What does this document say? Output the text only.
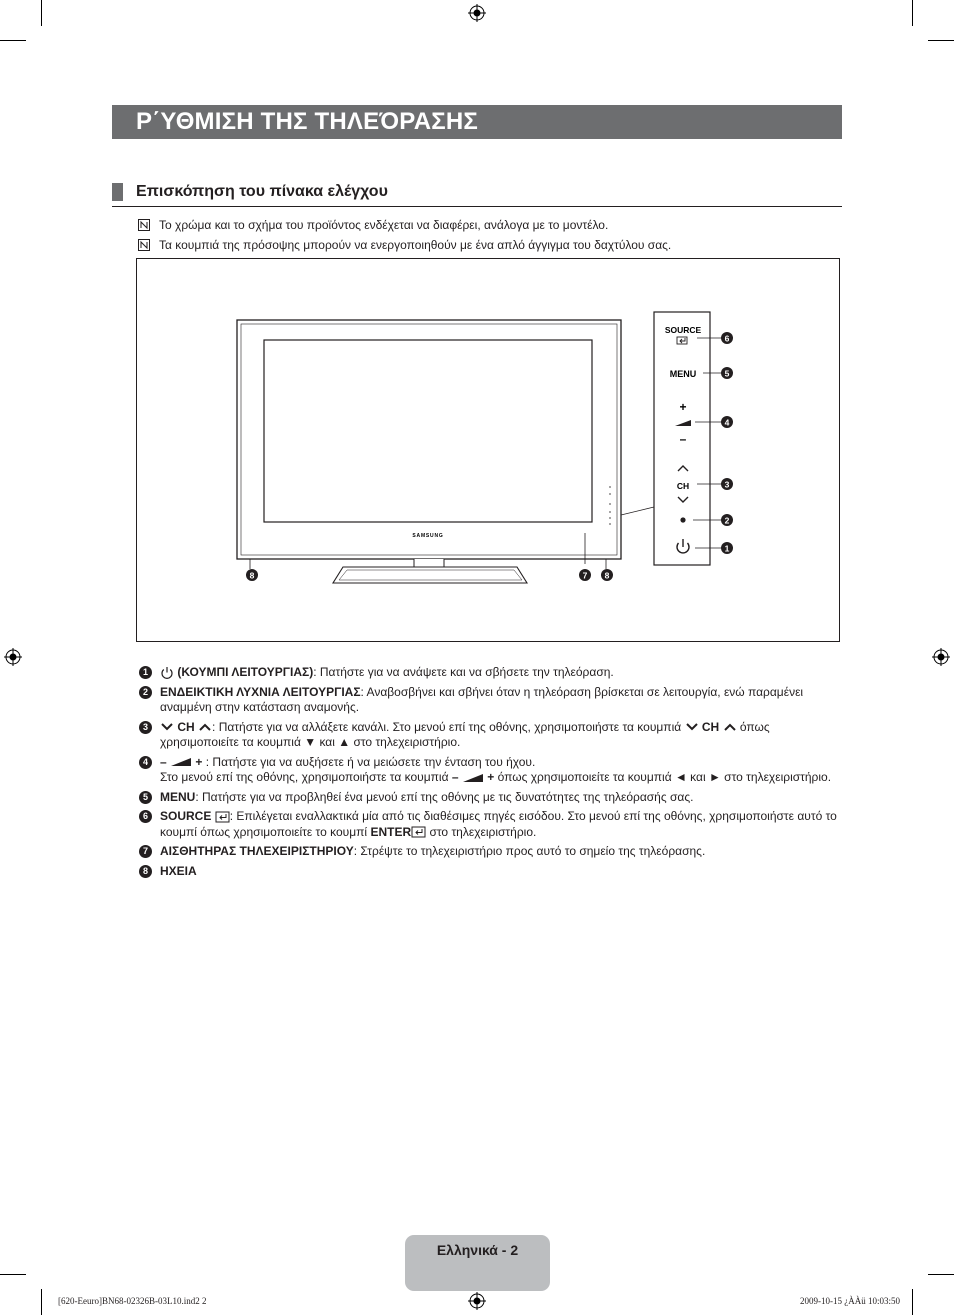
Ρ΄ΥΘΜΙΣΗ ΤΗΣ ΤΗΛΕΌΡΑΣΗΣ
Επισκόπηση του πίνακα ελέγχου
Το χρώμα και το σχήμα του προϊόντος ενδέχεται να διαφέρει, ανάλογα με το μοντέλο.
Τα κουμπιά της πρόσοψης μπορούν να ενεργοποιηθούν με ένα απλό άγγιγμα του δαχτύλου σας.
SAMSUNG
SOURCE
MENU
+
–
CH
6
5
4
3
2
1
8	7 8
1	(ΚΟΥΜΠΙ ΛΕΙΤΟΥΡΓΙΑΣ): Πατήστε για να ανάψετε και να σβήσετε την τηλεόραση.
2	ΕΝΔΕΙΚΤΙΚΗ ΛΥΧΝΙΑ ΛΕΙΤΟΥΡΓΙΑΣ: Αναβοσβήνει και σβήνει όταν η τηλεόραση βρίσκεται σε λειτουργία, ενώ παραμένει αναμμένη στην κατάσταση αναμονής.
3	CH : Πατήστε για να αλλάξετε κανάλι. Στο μενού επί της οθόνης, χρησιμοποιήστε τα κουμπιά CH όπως χρησιμοποιείτε τα κουμπιά ▼ και ▲ στο τηλεχειριστήριο.
4	– + : Πατήστε για να αυξήσετε ή να μειώσετε την ένταση του ήχου.
Στο μενού επί της οθόνης, χρησιμοποιήστε τα κουμπιά – + όπως χρησιμοποιείτε τα κουμπιά ◄ και ► στο τηλεχειριστήριο.
5	MENU: Πατήστε για να προβληθεί ένα μενού επί της οθόνης με τις δυνατότητες της τηλεόρασής σας.
6	SOURCE : Επιλέγεται εναλλακτικά μία από τις διαθέσιμες πηγές εισόδου. Στο μενού επί της οθόνης, χρησιμοποιήστε αυτό το κουμπί όπως χρησιμοποιείτε το κουμπί ENTER στο τηλεχειριστήριο.
7	ΑΙΣΘΗΤΗΡΑΣ ΤΗΛΕΧΕΙΡΙΣΤΗΡΙΟΥ: Στρέψτε το τηλεχειριστήριο προς αυτό το σημείο της τηλεόρασης.
8	ΗΧΕΙΑ
Ελληνικά - 2
[620-Eeuro]BN68-02326B-03L10.ind2 2	2009-10-15 ¿ÀÀü 10:03:50
